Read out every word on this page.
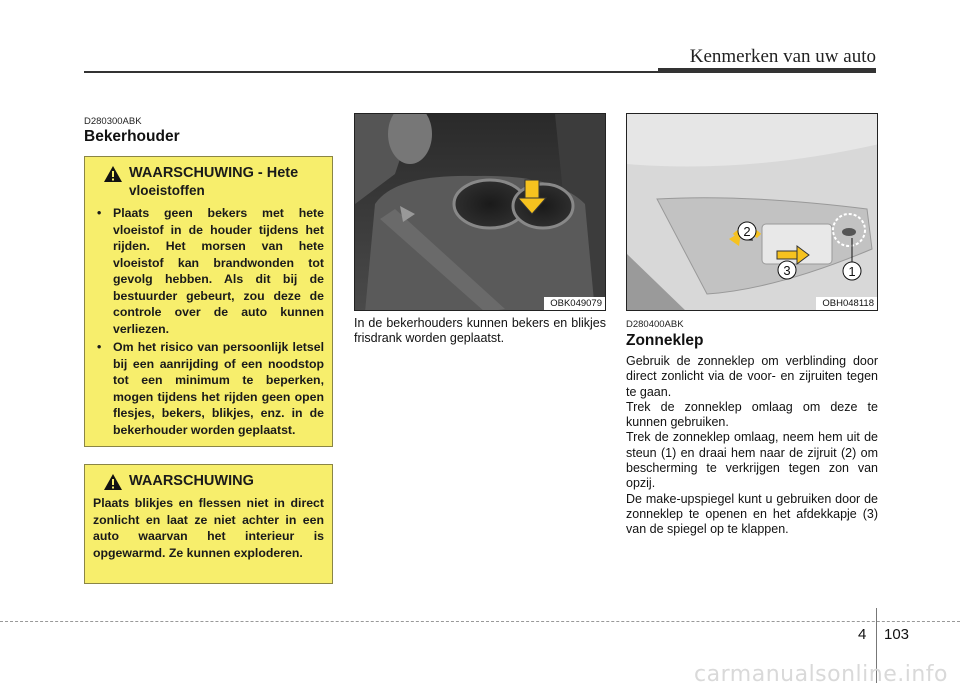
Kenmerken van uw auto
D280300ABK
Bekerhouder
WAARSCHUWING - Hete
vloeistoffen
• Plaats geen bekers met hete vloeistof in de houder tijdens het rijden. Het morsen van hete vloeistof kan brandwonden tot gevolg hebben. Als dit bij de bestuurder gebeurt, zou deze de controle over de auto kunnen verliezen.
• Om het risico van persoonlijk letsel bij een aanrijding of een noodstop tot een minimum te beperken, mogen tijdens het rijden geen open flesjes, bekers, blikjes, enz. in de bekerhouder worden geplaatst.
WAARSCHUWING
Plaats blikjes en flessen niet in direct zonlicht en laat ze niet achter in een auto waarvan het interieur is opgewarmd. Ze kunnen exploderen.
OBK049079
In de bekerhouders kunnen bekers en blikjes frisdrank worden geplaatst.
1
2
3
OBH048118
D280400ABK
Zonneklep

Gebruik de zonneklep om verblinding door direct zonlicht via de voor- en zijruiten tegen te gaan.

Trek de zonneklep omlaag om deze te kunnen gebruiken.

Trek de zonneklep omlaag, neem hem uit de steun (1) en draai hem naar de zijruit (2) om bescherming te verkrijgen tegen zon van opzij.

De make-upspiegel kunt u gebruiken door de zonneklep te openen en het afdekkapje (3) van de spiegel op te klappen.

4 103
carmanualsonline.info
